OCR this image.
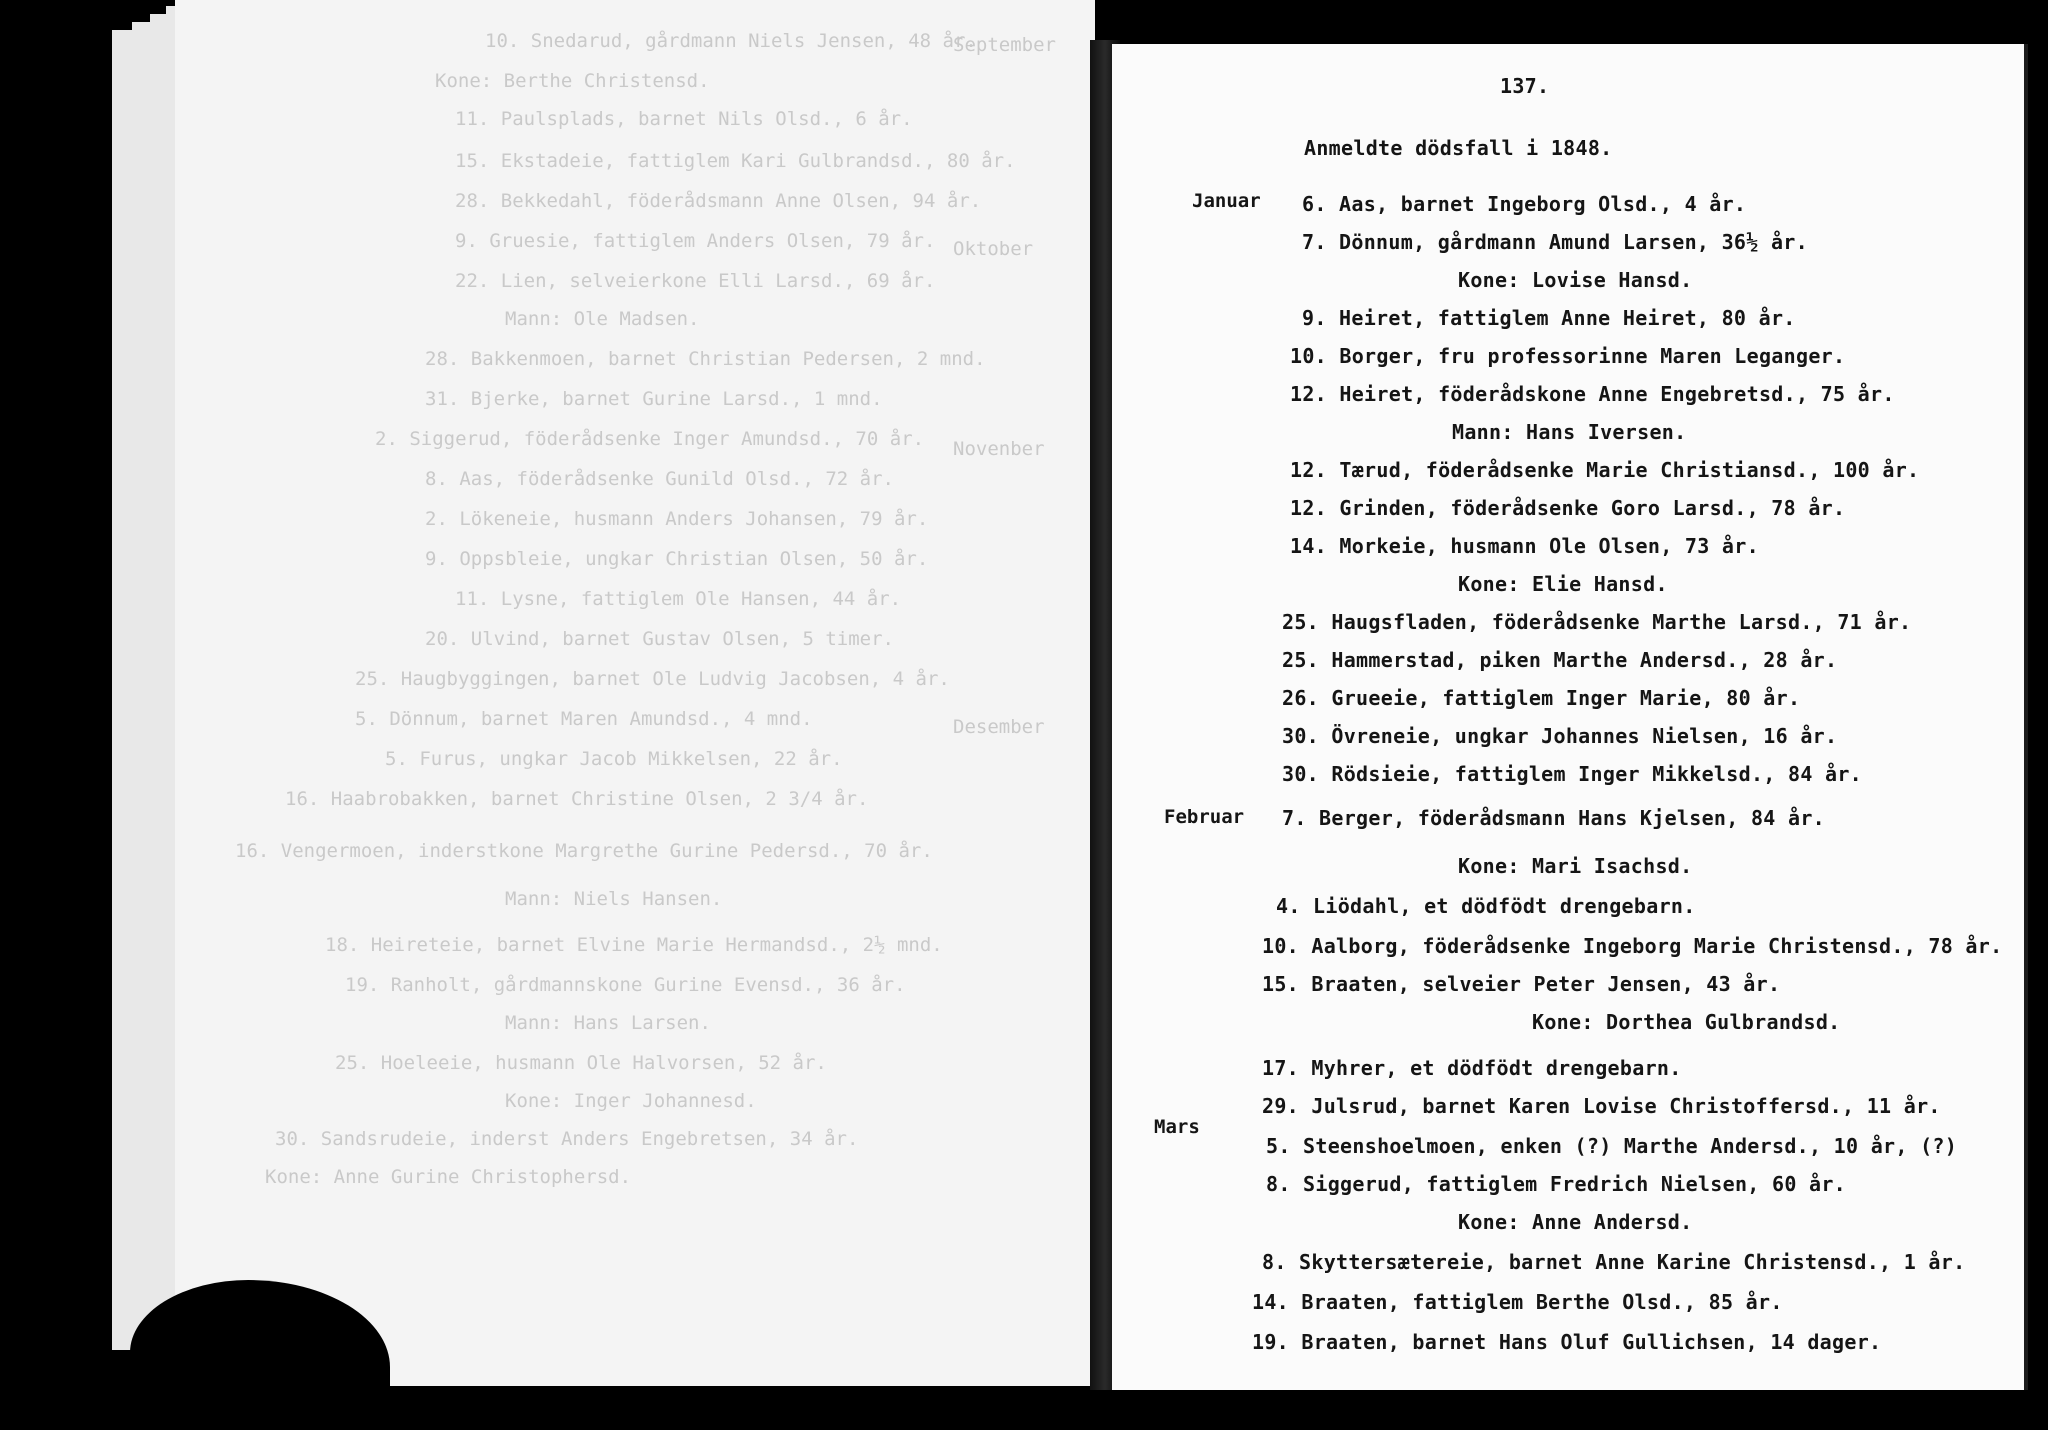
September

Oktober

Novenber

Desember

10. Snedarud, gårdmann Niels Jensen, 48 år.

Kone: Berthe Christensd.

11. Paulsplads, barnet Nils Olsd., 6 år.

15. Ekstadeie, fattiglem Kari Gulbrandsd., 80 år.

28. Bekkedahl, föderådsmann Anne Olsen, 94 år.

9. Gruesie, fattiglem Anders Olsen, 79 år.

22. Lien, selveierkone Elli Larsd., 69 år.

Mann: Ole Madsen.

28. Bakkenmoen, barnet Christian Pedersen, 2 mnd.

31. Bjerke, barnet Gurine Larsd., 1 mnd.

2. Siggerud, föderådsenke Inger Amundsd., 70 år.

8. Aas, föderådsenke Gunild Olsd., 72 år.

2. Lökeneie, husmann Anders Johansen, 79 år.

9. Oppsbleie, ungkar Christian Olsen, 50 år.

11. Lysne, fattiglem Ole Hansen, 44 år.

20. Ulvind, barnet Gustav Olsen, 5 timer.

25. Haugbyggingen, barnet Ole Ludvig Jacobsen, 4 år.

5. Dönnum, barnet Maren Amundsd., 4 mnd.

5. Furus, ungkar Jacob Mikkelsen, 22 år.

16. Haabrobakken, barnet Christine Olsen, 2 3/4 år.

16. Vengermoen, inderstkone Margrethe Gurine Pedersd., 70 år.

Mann: Niels Hansen.

18. Heireteie, barnet Elvine Marie Hermandsd., 2½ mnd.

19. Ranholt, gårdmannskone Gurine Evensd., 36 år.

Mann: Hans Larsen.

25. Hoeleeie, husmann Ole Halvorsen, 52 år.

Kone: Inger Johannesd.

30. Sandsrudeie, inderst Anders Engebretsen, 34 år.

Kone: Anne Gurine Christophersd.

137.
Anmeldte dödsfall i 1848.
Januar
Februar
Mars
6. Aas, barnet Ingeborg Olsd., 4 år.
7. Dönnum, gårdmann Amund Larsen, 36½ år.
Kone: Lovise Hansd.
9. Heiret, fattiglem Anne Heiret, 80 år.
10. Borger, fru professorinne Maren Leganger.
12. Heiret, föderådskone Anne Engebretsd., 75 år.
Mann: Hans Iversen.
12. Tærud, föderådsenke Marie Christiansd., 100 år.
12. Grinden, föderådsenke Goro Larsd., 78 år.
14. Morkeie, husmann Ole Olsen, 73 år.
Kone: Elie Hansd.
25. Haugsfladen, föderådsenke Marthe Larsd., 71 år.
25. Hammerstad, piken Marthe Andersd., 28 år.
26. Grueeie, fattiglem Inger Marie, 80 år.
30. Övreneie, ungkar Johannes Nielsen, 16 år.
30. Rödsieie, fattiglem Inger Mikkelsd., 84 år.
7. Berger, föderådsmann Hans Kjelsen, 84 år.
Kone: Mari Isachsd.
4. Liödahl, et dödfödt drengebarn.
10. Aalborg, föderådsenke Ingeborg Marie Christensd., 78 år.
15. Braaten, selveier Peter Jensen, 43 år.
Kone: Dorthea Gulbrandsd.
17. Myhrer, et dödfödt drengebarn.
29. Julsrud, barnet Karen Lovise Christoffersd., 11 år.
5. Steenshoelmoen, enken (?) Marthe Andersd., 10 år, (?)
8. Siggerud, fattiglem Fredrich Nielsen, 60 år.
Kone: Anne Andersd.
8. Skyttersætereie, barnet Anne Karine Christensd., 1 år.
14. Braaten, fattiglem Berthe Olsd., 85 år.
19. Braaten, barnet Hans Oluf Gullichsen, 14 dager.
